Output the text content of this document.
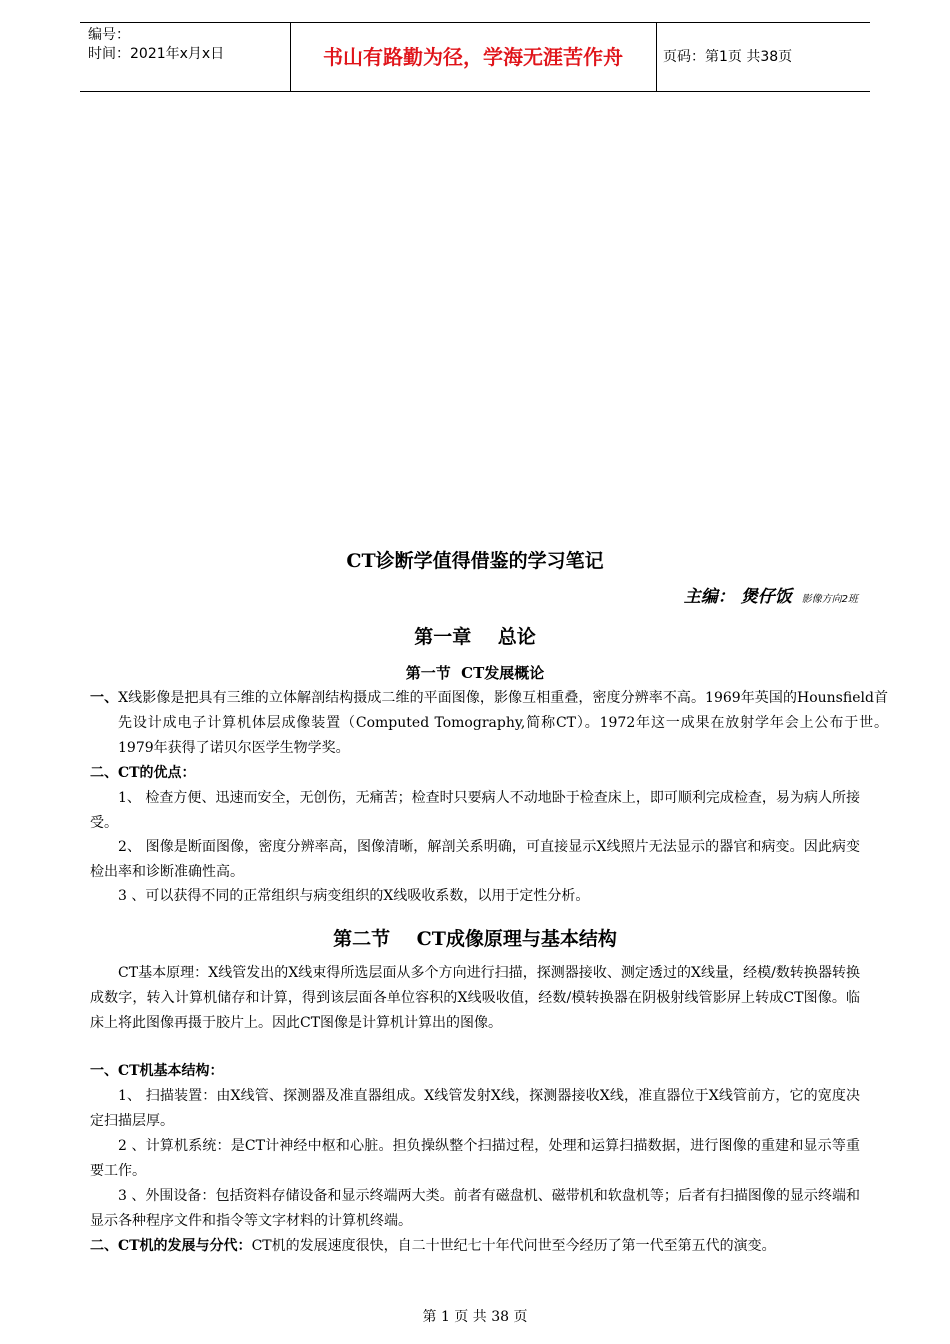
编号：
时间：2021年x月x日	书山有路勤为径，学海无涯苦作舟	页码：第1页 共38页
CT诊断学值得借鉴的学习笔记
主编： 煲仔饭 影像方向2班
第一章    总论
第一节  CT发展概论
一、X线影像是把具有三维的立体解剖结构摄成二维的平面图像，影像互相重叠，密度分辨率不高。1969年英国的Hounsfield首先设计成电子计算机体层成像装置（Computed Tomography,简称CT）。1972年这一成果在放射学年会上公布于世。1979年获得了诺贝尔医学生物学奖。
二、CT的优点：
1、 检查方便、迅速而安全，无创伤，无痛苦；检查时只要病人不动地卧于检查床上，即可顺利完成检查，易为病人所接受。
2、 图像是断面图像，密度分辨率高，图像清晰，解剖关系明确，可直接显示X线照片无法显示的器官和病变。因此病变检出率和诊断准确性高。
3 、可以获得不同的正常组织与病变组织的X线吸收系数，以用于定性分析。
第二节    CT成像原理与基本结构
CT基本原理：X线管发出的X线束得所选层面从多个方向进行扫描，探测器接收、测定透过的X线量，经模/数转换器转换成数字，转入计算机储存和计算，得到该层面各单位容积的X线吸收值，经数/模转换器在阴极射线管影屏上转成CT图像。临床上将此图像再摄于胶片上。因此CT图像是计算机计算出的图像。
一、CT机基本结构：
1、 扫描装置：由X线管、探测器及准直器组成。X线管发射X线，探测器接收X线，准直器位于X线管前方，它的宽度决定扫描层厚。
2 、计算机系统：是CT计神经中枢和心脏。担负操纵整个扫描过程，处理和运算扫描数据，进行图像的重建和显示等重要工作。
3 、外围设备：包括资料存储设备和显示终端两大类。前者有磁盘机、磁带机和软盘机等；后者有扫描图像的显示终端和显示各种程序文件和指令等文字材料的计算机终端。
二、CT机的发展与分代：CT机的发展速度很快，自二十世纪七十年代问世至今经历了第一代至第五代的演变。
第 1 页 共 38 页
